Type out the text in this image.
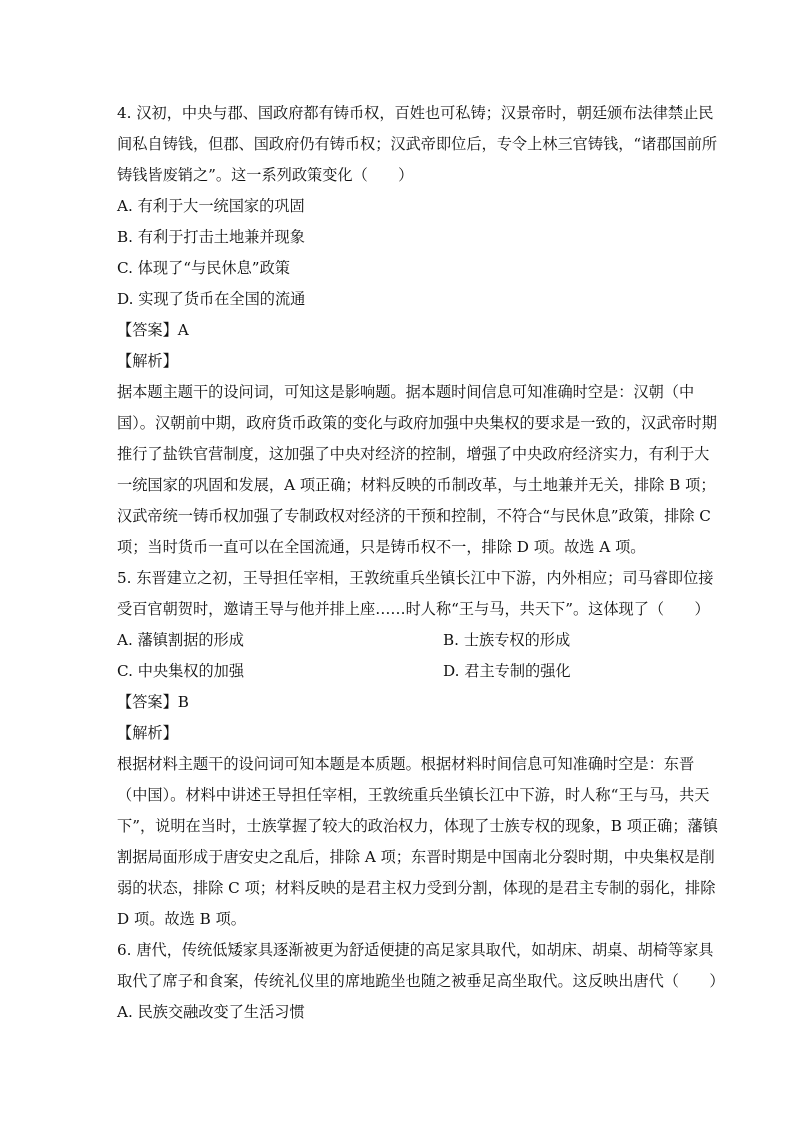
4. 汉初，中央与郡、国政府都有铸币权，百姓也可私铸；汉景帝时，朝廷颁布法律禁止民
间私自铸钱，但郡、国政府仍有铸币权；汉武帝即位后，专令上林三官铸钱，“诸郡国前所
铸钱皆废销之”。这一系列政策变化（　　）
A. 有利于大一统国家的巩固
B. 有利于打击土地兼并现象
C. 体现了“与民休息”政策
D. 实现了货币在全国的流通
【答案】A
【解析】
据本题主题干的设问词，可知这是影响题。据本题时间信息可知准确时空是：汉朝（中
国）。汉朝前中期，政府货币政策的变化与政府加强中央集权的要求是一致的，汉武帝时期
推行了盐铁官营制度，这加强了中央对经济的控制，增强了中央政府经济实力，有利于大
一统国家的巩固和发展，A 项正确；材料反映的币制改革，与土地兼并无关，排除 B 项；
汉武帝统一铸币权加强了专制政权对经济的干预和控制，不符合“与民休息”政策，排除 C
项；当时货币一直可以在全国流通，只是铸币权不一，排除 D 项。故选 A 项。
5. 东晋建立之初，王导担任宰相，王敦统重兵坐镇长江中下游，内外相应；司马睿即位接
受百官朝贺时，邀请王导与他并排上座……时人称“王与马，共天下”。这体现了（　　）
A. 藩镇割据的形成	B. 士族专权的形成
C. 中央集权的加强	D. 君主专制的强化
【答案】B
【解析】
根据材料主题干的设问词可知本题是本质题。根据材料时间信息可知准确时空是：东晋
（中国）。材料中讲述王导担任宰相，王敦统重兵坐镇长江中下游，时人称“王与马，共天
下”，说明在当时，士族掌握了较大的政治权力，体现了士族专权的现象，B 项正确；藩镇
割据局面形成于唐安史之乱后，排除 A 项；东晋时期是中国南北分裂时期，中央集权是削
弱的状态，排除 C 项；材料反映的是君主权力受到分割，体现的是君主专制的弱化，排除
D 项。故选 B 项。
6. 唐代，传统低矮家具逐渐被更为舒适便捷的高足家具取代，如胡床、胡桌、胡椅等家具
取代了席子和食案，传统礼仪里的席地跪坐也随之被垂足高坐取代。这反映出唐代（　　）
A. 民族交融改变了生活习惯
